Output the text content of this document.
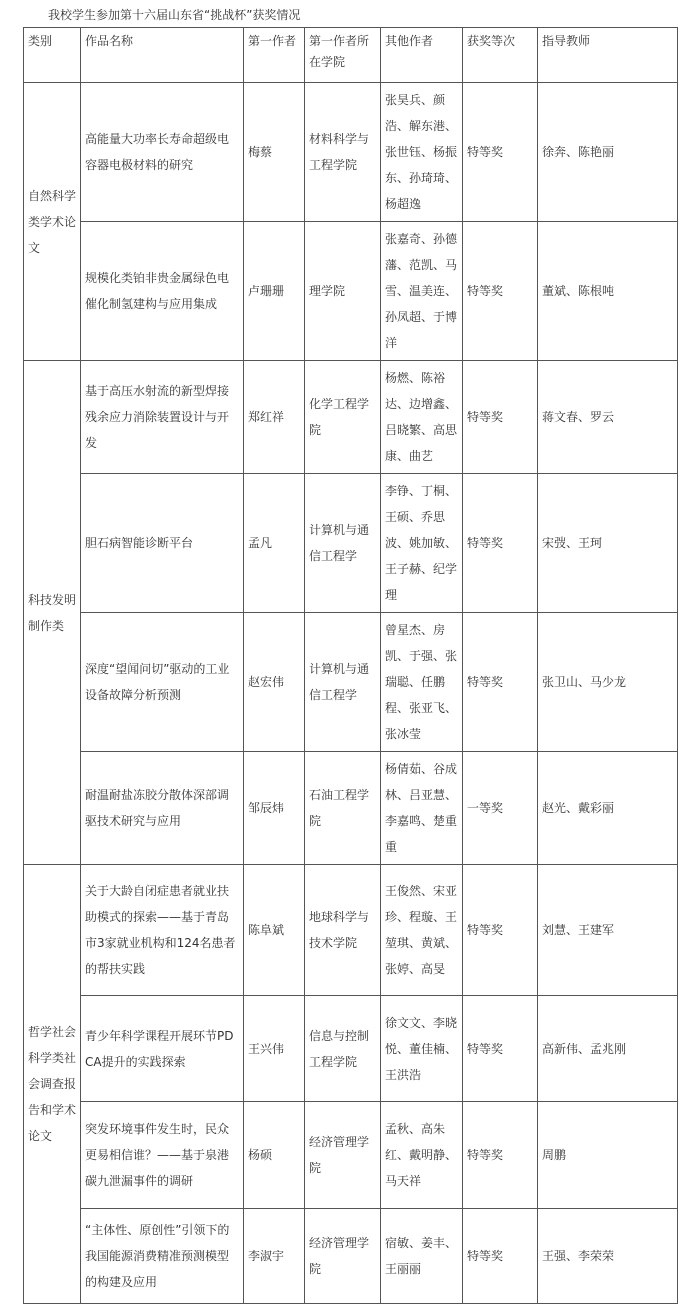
我校学生参加第十六届山东省“挑战杯”获奖情况
类别	作品名称	第一作者	第一作者所在学院	其他作者	获奖等次	指导教师
自然科学类学术论文	高能量大功率长寿命超级电容器电极材料的研究	梅蔡	材料科学与工程学院	张昊兵、颜浩、解东港、张世钰、杨振东、孙琦琦、杨超逸	特等奖	徐奔、陈艳丽
	规模化类铂非贵金属绿色电催化制氢建构与应用集成	卢珊珊	理学院	张嘉奇、孙德藩、范凯、马雪、温美连、孙凤超、于博洋	特等奖	董斌、陈根吨
科技发明制作类	基于高压水射流的新型焊接残余应力消除装置设计与开发	郑红祥	化学工程学院	杨燃、陈裕达、边增鑫、吕晓繁、高思康、曲艺	特等奖	蒋文春、罗云
	胆石病智能诊断平台	孟凡	计算机与通信工程学	李铮、丁桐、王硕、乔思波、姚加敏、王子赫、纪学理	特等奖	宋弢、王珂
	深度“望闻问切”驱动的工业设备故障分析预测	赵宏伟	计算机与通信工程学	曾星杰、房凯、于强、张瑞聪、任鹏程、张亚飞、张冰莹	特等奖	张卫山、马少龙
	耐温耐盐冻胶分散体深部调驱技术研究与应用	邹辰炜	石油工程学院	杨倩茹、谷成林、吕亚慧、李嘉鸣、楚重重	一等奖	赵光、戴彩丽
哲学社会科学类社会调查报告和学术论文	关于大龄自闭症患者就业扶助模式的探索——基于青岛市3家就业机构和124名患者的帮扶实践	陈阜斌	地球科学与技术学院	王俊然、宋亚珍、程璇、王堃琪、黄斌、张婷、高旻	特等奖	刘慧、王建军
	青少年科学课程开展环节PDCA提升的实践探索	王兴伟	信息与控制工程学院	徐文文、李晓悦、董佳楠、王洪浩	特等奖	高新伟、孟兆刚
	突发环境事件发生时，民众更易相信谁？——基于泉港碳九泄漏事件的调研	杨硕	经济管理学院	孟秋、高朱红、戴明静、马天祥	特等奖	周鹏
	“主体性、原创性”引领下的我国能源消费精准预测模型的构建及应用	李淑宇	经济管理学院	宿敏、姜丰、王丽丽	特等奖	王强、李荣荣
